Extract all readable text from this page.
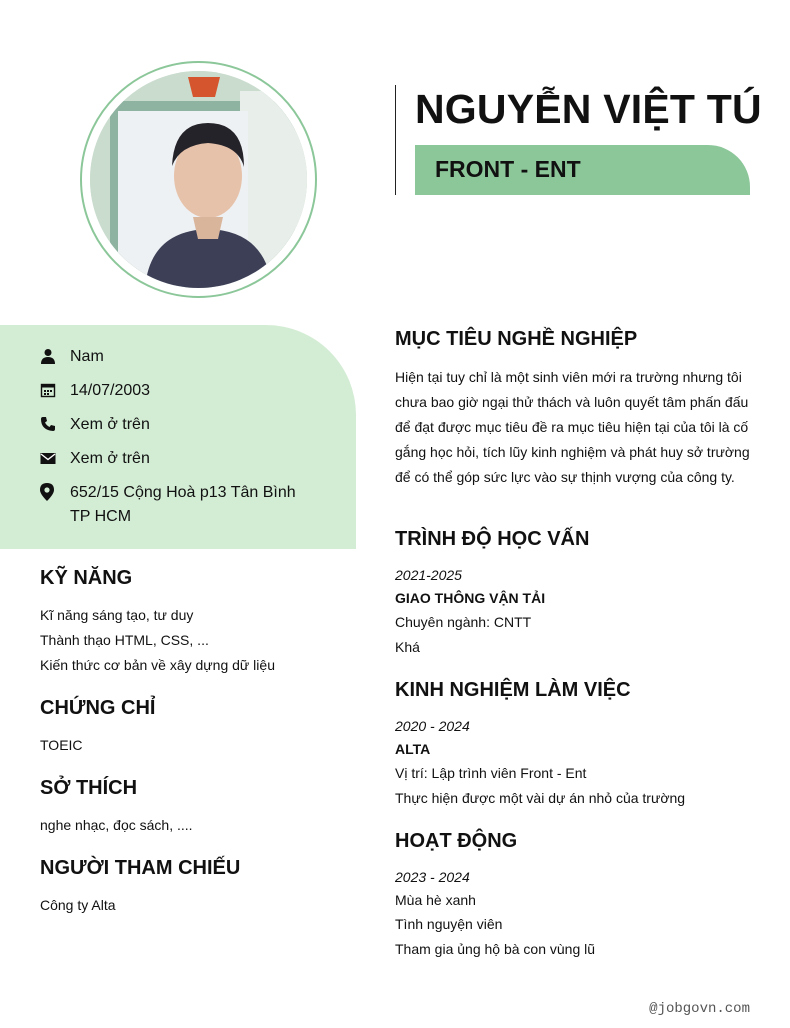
NGUYỄN VIỆT TÚ
FRONT - ENT
Nam
14/07/2003
Xem ở trên
Xem ở trên
652/15 Cộng Hoà p13 Tân Bình
TP HCM
KỸ NĂNG
Kĩ năng sáng tạo, tư duy
Thành thạo HTML, CSS, ...
Kiến thức cơ bản về xây dựng dữ liệu
CHỨNG CHỈ
TOEIC
SỞ THÍCH
nghe nhạc, đọc sách, ....
NGƯỜI THAM CHIẾU
Công ty Alta
MỤC TIÊU NGHỀ NGHIỆP
Hiện tại tuy chỉ là một sinh viên mới ra trường nhưng tôi chưa bao giờ ngại thử thách và luôn quyết tâm phấn đấu để đạt được mục tiêu đề ra mục tiêu hiện tại của tôi là cố gắng học hỏi, tích lũy kinh nghiệm và phát huy sở trường để có thể góp sức lực vào sự thịnh vượng của công ty.
TRÌNH ĐỘ HỌC VẤN
2021-2025
GIAO THÔNG VẬN TẢI
Chuyên ngành: CNTT
Khá
KINH NGHIỆM LÀM VIỆC
2020 - 2024
ALTA
Vị trí: Lập trình viên Front - Ent
Thực hiện được một vài dự án nhỏ của trường
HOẠT ĐỘNG
2023 - 2024
Mùa hè xanh
Tình nguyện viên
Tham gia ủng hộ bà con vùng lũ
@jobgovn.com
